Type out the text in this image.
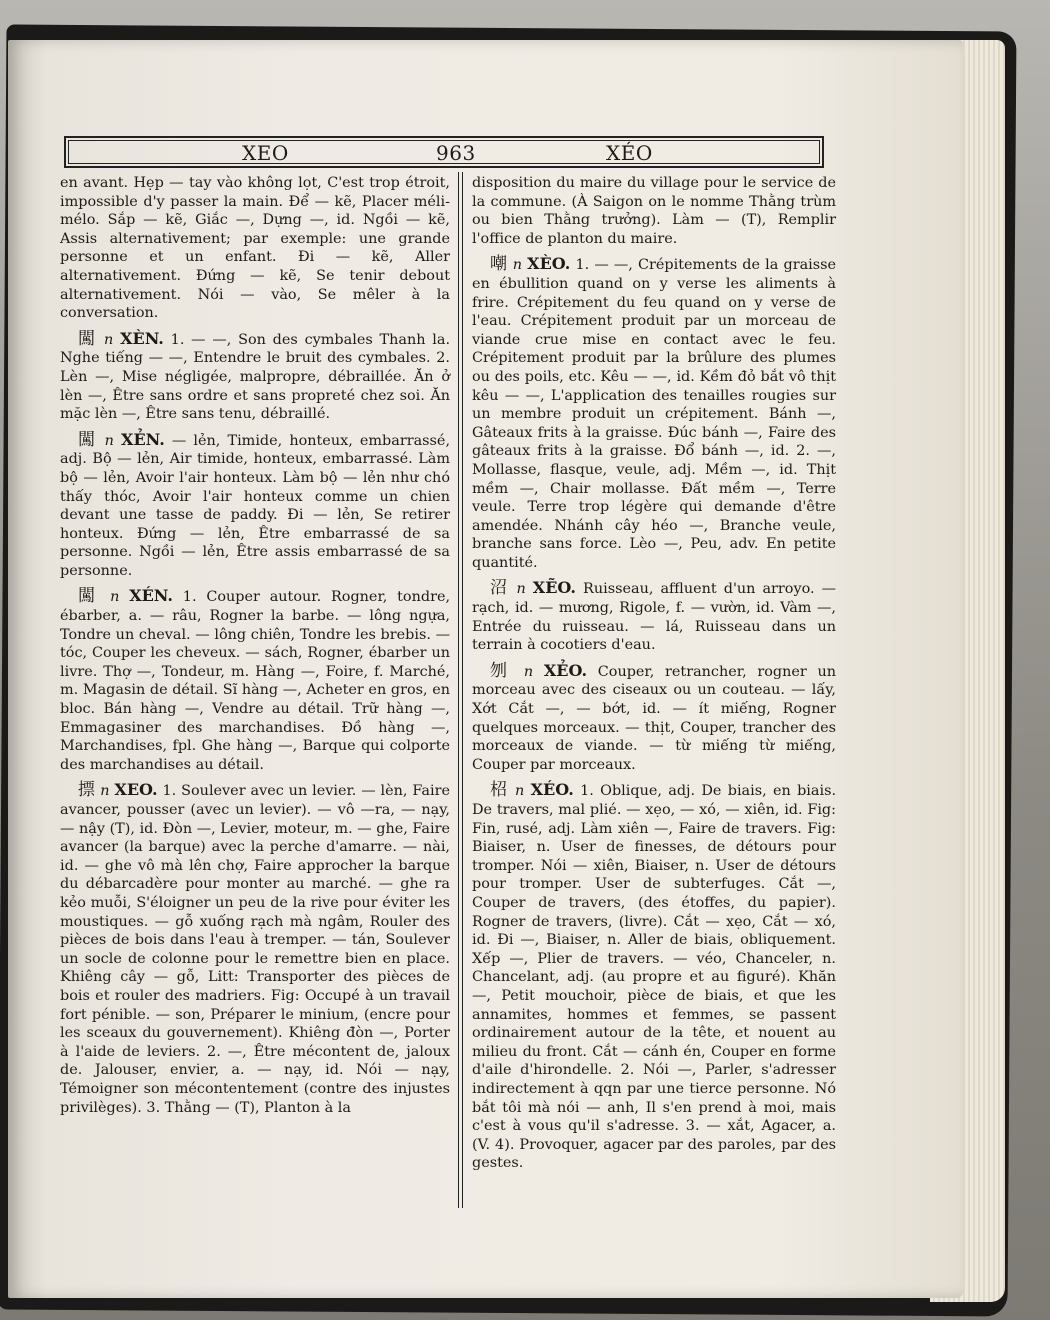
XEO	963	XÉO
en avant. Hẹp — tay vào không lọt, C'est trop étroit, impossible d'y passer la main. Để — kẽ, Placer méli-mélo. Sắp — kẽ, Giắc —, Dựng —, id. Ngồi — kẽ, Assis alternativement; par exemple: une grande personne et un enfant. Đi — kẽ, Aller alternativement. Đứng — kẽ, Se tenir debout alternativement. Nói — vào, Se mêler à la conversation.
闖 n XÈN. 1. — —, Son des cymbales Thanh la. Nghe tiếng — —, Entendre le bruit des cymbales. 2. Lèn —, Mise négligée, malpropre, débraillée. Ăn ở lèn —, Être sans ordre et sans propreté chez soi. Ăn mặc lèn —, Être sans tenu, débraillé.
闖 n XẺN. — lẻn, Timide, honteux, embarrassé, adj. Bộ — lẻn, Air timide, honteux, embarrassé. Làm bộ — lẻn, Avoir l'air honteux. Làm bộ — lẻn như chó thấy thóc, Avoir l'air honteux comme un chien devant une tasse de paddy. Đi — lẻn, Se retirer honteux. Đứng — lẻn, Être embarrassé de sa personne. Ngồi — lẻn, Être assis embarrassé de sa personne.
闖 n XÉN. 1. Couper autour. Rogner, tondre, ébarber, a. — râu, Rogner la barbe. — lông ngựa, Tondre un cheval. — lông chiên, Tondre les brebis. — tóc, Couper les cheveux. — sách, Rogner, ébarber un livre. Thợ —, Tondeur, m. Hàng —, Foire, f. Marché, m. Magasin de détail. Sĩ hàng —, Acheter en gros, en bloc. Bán hàng —, Vendre au détail. Trữ hàng —, Emmagasiner des marchandises. Đồ hàng —, Marchandises, fpl. Ghe hàng —, Barque qui colporte des marchandises au détail.
摽 n XEO. 1. Soulever avec un levier. — lèn, Faire avancer, pousser (avec un levier). — vô —ra, — nạy, — nậy (T), id. Đòn —, Levier, moteur, m. — ghe, Faire avancer (la barque) avec la perche d'amarre. — nài, id. — ghe vô mà lên chợ, Faire approcher la barque du débarcadère pour monter au marché. — ghe ra kẻo muỗi, S'éloigner un peu de la rive pour éviter les moustiques. — gỗ xuống rạch mà ngâm, Rouler des pièces de bois dans l'eau à tremper. — tán, Soulever un socle de colonne pour le remettre bien en place. Khiêng cây — gỗ, Litt: Transporter des pièces de bois et rouler des madriers. Fig: Occupé à un travail fort pénible. — son, Préparer le minium, (encre pour les sceaux du gouvernement). Khiêng đòn —, Porter à l'aide de leviers. 2. —, Être mécontent de, jaloux de. Jalouser, envier, a. — nạy, id. Nói — nạy, Témoigner son mécontentement (contre des injustes privilèges). 3. Thằng — (T), Planton à la
disposition du maire du village pour le service de la commune. (À Saigon on le nomme Thằng trùm ou bien Thằng trưởng). Làm — (T), Remplir l'office de planton du maire.
嘲 n XÈO. 1. — —, Crépitements de la graisse en ébullition quand on y verse les aliments à frire. Crépitement du feu quand on y verse de l'eau. Crépitement produit par un morceau de viande crue mise en contact avec le feu. Crépitement produit par la brûlure des plumes ou des poils, etc. Kêu — —, id. Kềm đỏ bắt vô thịt kêu — —, L'application des tenailles rougies sur un membre produit un crépitement. Bánh —, Gâteaux frits à la graisse. Đúc bánh —, Faire des gâteaux frits à la graisse. Đổ bánh —, id. 2. —, Mollasse, flasque, veule, adj. Mềm —, id. Thịt mềm —, Chair mollasse. Đất mềm —, Terre veule. Terre trop légère qui demande d'être amendée. Nhánh cây héo —, Branche veule, branche sans force. Lèo —, Peu, adv. En petite quantité.
沼 n XẼO. Ruisseau, affluent d'un arroyo. — rạch, id. — mương, Rigole, f. — vườn, id. Vàm —, Entrée du ruisseau. — lá, Ruisseau dans un terrain à cocotiers d'eau.
刎 n XẺO. Couper, retrancher, rogner un morceau avec des ciseaux ou un couteau. — lấy, Xớt Cắt —, — bớt, id. — ít miếng, Rogner quelques morceaux. — thịt, Couper, trancher des morceaux de viande. — từ miếng từ miếng, Couper par morceaux.
柖 n XÉO. 1. Oblique, adj. De biais, en biais. De travers, mal plié. — xẹo, — xó, — xiên, id. Fig: Fin, rusé, adj. Làm xiên —, Faire de travers. Fig: Biaiser, n. User de finesses, de détours pour tromper. Nói — xiên, Biaiser, n. User de détours pour tromper. User de subterfuges. Cắt —, Couper de travers, (des étoffes, du papier). Rogner de travers, (livre). Cắt — xẹo, Cắt — xó, id. Đi —, Biaiser, n. Aller de biais, obliquement. Xếp —, Plier de travers. — véo, Chanceler, n. Chancelant, adj. (au propre et au figuré). Khăn —, Petit mouchoir, pièce de biais, et que les annamites, hommes et femmes, se passent ordinairement autour de la tête, et nouent au milieu du front. Cắt — cánh én, Couper en forme d'aile d'hirondelle. 2. Nói —, Parler, s'adresser indirectement à qqn par une tierce personne. Nó bắt tôi mà nói — anh, Il s'en prend à moi, mais c'est à vous qu'il s'adresse. 3. — xắt, Agacer, a. (V. 4). Provoquer, agacer par des paroles, par des gestes.
